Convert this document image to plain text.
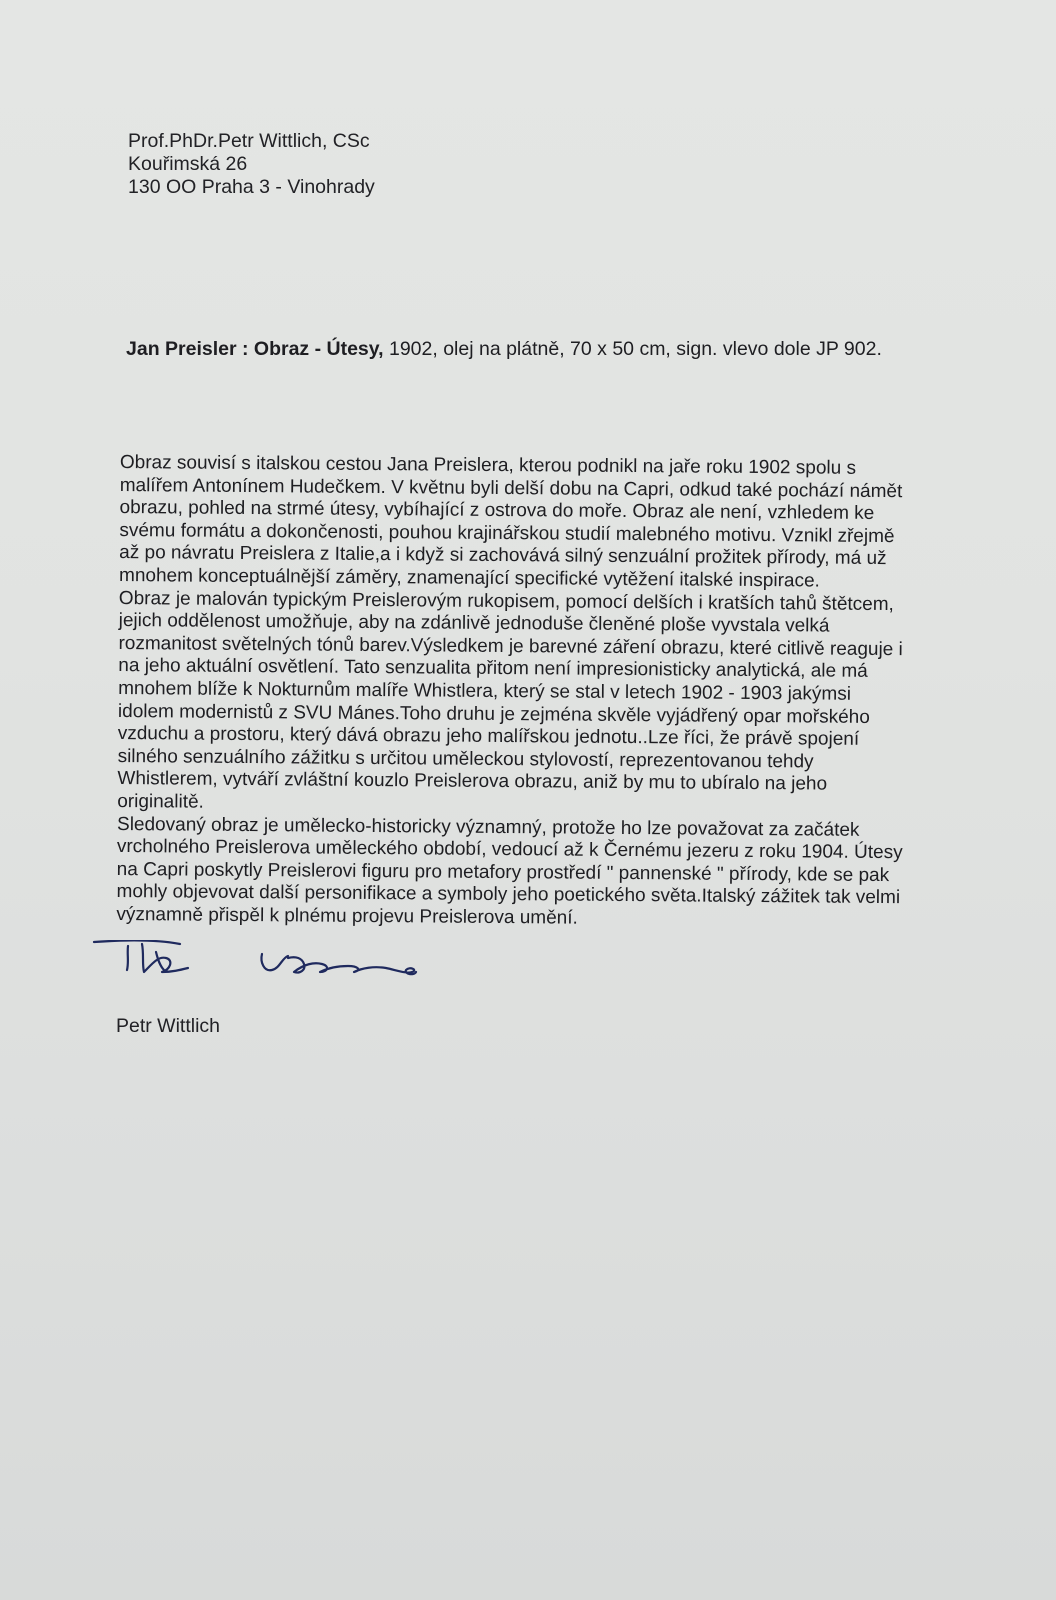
Prof.PhDr.Petr Wittlich, CSc
Kouřimská 26
130 OO Praha 3 - Vinohrady
Jan Preisler : Obraz - Útesy, 1902, olej na plátně, 70 x 50 cm, sign. vlevo dole JP 902.
Obraz souvisí s italskou cestou Jana Preislera, kterou podnikl na jaře roku 1902 spolu s
malířem Antonínem Hudečkem. V květnu byli delší dobu na Capri, odkud také pochází námět
obrazu, pohled na strmé útesy, vybíhající z ostrova do moře. Obraz ale není, vzhledem ke
svému formátu a dokončenosti, pouhou krajinářskou studií malebného motivu. Vznikl zřejmě
až po návratu Preislera z Italie,a i když si zachovává silný senzuální prožitek přírody, má už
mnohem konceptuálnější záměry, znamenající specifické vytěžení italské inspirace.
Obraz je malován typickým Preislerovým rukopisem, pomocí delších i kratších tahů štětcem,
jejich oddělenost umožňuje, aby na zdánlivě jednoduše členěné ploše vyvstala velká
rozmanitost světelných tónů barev.Výsledkem je barevné záření obrazu, které citlivě reaguje i
na jeho aktuální osvětlení. Tato senzualita přitom není impresionisticky analytická, ale má
mnohem blíže k Nokturnům malíře Whistlera, který se stal v letech 1902 - 1903 jakýmsi
idolem modernistů z SVU Mánes.Toho druhu je zejména skvěle vyjádřený opar mořského
vzduchu a prostoru, který dává obrazu jeho malířskou jednotu..Lze říci, že právě spojení
silného senzuálního zážitku s určitou uměleckou stylovostí, reprezentovanou tehdy
Whistlerem, vytváří zvláštní kouzlo Preislerova obrazu, aniž by mu to ubíralo na jeho
originalitě.
Sledovaný obraz je umělecko-historicky významný, protože ho lze považovat za začátek
vrcholného Preislerova uměleckého období, vedoucí až k Černému jezeru z roku 1904. Útesy
na Capri poskytly Preislerovi figuru pro metafory prostředí " pannenské " přírody, kde se pak
mohly objevovat další personifikace a symboly jeho poetického světa.Italský zážitek tak velmi
významně přispěl k plnému projevu Preislerova umění.
Petr Wittlich
